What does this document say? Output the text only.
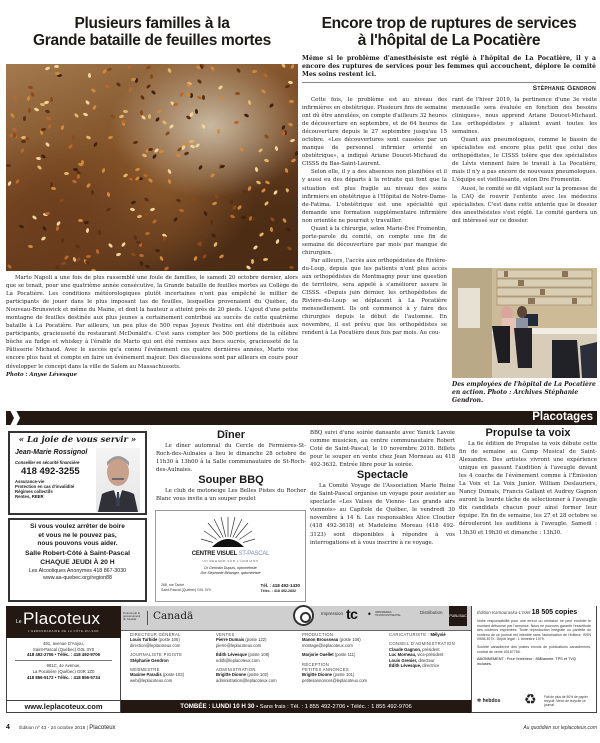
Plusieurs familles à la
Grande bataille de feuilles mortes

Marto Napoli a une fois de plus rassemblé une foule de familles, le samedi 20 octobre dernier, alors que se tenait, pour une quatrième année consécutive, la Grande bataille de feuilles mortes au Collège de La Pocatière. Les conditions météorologiques plutôt incertaines n'ont pas empêché le millier de participants de jouer dans le plus imposant tas de feuilles, lesquelles provenaient du Québec, du Nouveau-Brunswick et même du Maine, et dont la hauteur a atteint près de 20 pieds. L'ajout d'une petite montagne de feuilles destinée aux plus jeunes a certainement contribué au succès de cette quatrième bataille à La Pocatière. Par ailleurs, un peu plus de 500 repas Joyeux Festins ont été distribués aux participants, gracieuseté du restaurant McDonald's. C'est sans compter les 500 portions de la célèbre bûche au fudge et whiskey à l'érable de Marto qui ont été remises aux becs sucrés, gracieuseté de la Pâtisserie Michaud. Avec le succès qu'a connu l'événement ces quatre dernières années, Marto vise encore plus haut et compte en faire un événement majeur. Des discussions sont par ailleurs en cours pour développer le concept dans la ville de Salem au Massachussets.

Photo : Anyse Lévesque
Encore trop de ruptures de services
à l'hôpital de La Pocatière
Même si le problème d'anesthésiste est réglé à l'hôpital de La Pocatière, il y a encore des ruptures de services pour les femmes qui accouchent, déplore le comité Mes soins restent ici.
Stéphanie Gendron

Cette fois, le problème est au niveau des infirmières en obstétrique. Plusieurs fins de semaine ont dû être annulées, on compte d'ailleurs 32 heures de découverture en septembre, et de 64 heures de découverture depuis le 27 septembre jusqu'au 15 octobre. «Les découvertures sont causées par un manque de personnel infirmier orienté en obstétrique», a indiqué Ariane Doucet-Michaud du CISSS du Bas-Saint-Laurent.

Selon elle, il y a des absences non planifiées et il y aussi eu des départs à la retraite qui font que la situation est plus fragile au niveau des soins infirmiers en obstétrique à l'Hôpital de Notre-Dame-de-Fatima. L'obstétrique est une spécialité qui demande une formation supplémentaire infirmière non orientée ne pourrait y travailler.

Quant à la chirurgie, selon Marie-Ève Fromentin, porte-parole du comité, on compte une fin de semaine de découverture par mois par manque de chirurgien.

Par ailleurs, l'accès aux orthopédistes de Rivière-du-Loup, depuis que les patients n'ont plus accès aux orthopédistes de Montmagny pour une question de territoire, sera appelé à s'améliorer assure le CISSS. «Depuis juin dernier, les orthopédistes de Rivière-du-Loup se déplacent à La Pocatière mensuellement. Ils ont commencé à y faire des chirurgies depuis le début de l'automne. En novembre, il est prévu que les orthopédistes se rendent à La Pocatière deux fois par mois. Au cou-

rant de l'hiver 2019, la pertinence d'une 3e visite mensuelle sera évaluée en fonction des besoins cliniques», nous apprend Ariane Doucet-Michaud. Les orthopédistes y allaient avant toutes les semaines.

Quant aux pneumologues, comme le bassin de spécialistes est encore plus petit que celui des orthopédistes, le CISSS tolère que des spécialistes de Lévis viennent faire le travail à La Pocatière, mais il n'y a pas encore de nouveaux pneumologues. L'équipe est vieillissante, selon Dre Fromentin.

Aussi, le comité se dit vigilant sur la promesse de la CAQ de rouvrir l'entente avec les médecins spécialistes. C'est dans cette entente que le dossier des anesthésistes s'est réglé. Le comité gardera un œil intéressé sur ce dossier.

Des employées de l'hôpital de La Pocatière en action. Photo : Archives Stéphanie Gendron.
Placotages
« La joie de vous servir »
Jean-Marie Rossignol
Conseiller en sécurité financière
418 492-3255
Assurance-vie
Protection en cas d'invalidité
Régimes collectifs
Rentes, REER
Si vous voulez arrêter de boire
et vous ne le pouvez pas,
nous pouvons vous aider.
Salle Robert-Côté à Saint-Pascal
CHAQUE JEUDI À 20 H
Les Alcooliques Anonymes 418 867-3030
www.aa-quebec.org/region88
Dîner

Le dîner automnal du Cercle de Fermières-St-Roch-des-Aulnaies a lieu le dimanche 28 octobre de 11h30 à 13h00 à la Salle communautaire de St-Roch-des-Aulnaies.

Souper BBQ

Le club de motoneige Les Belles Pistes du Rocher Blanc vous invite a un souper poulet

CENTRE VISUEL ST-PASCAL
UN REGARD SUR L'HORIZON
Dr Germain Dupuis, optométriste
Dre Stéphanie Bélanger, optométriste
268, rue Taché
Saint-Pascal (Québec) G0L 3Y0
Tél. : 418 492-1430
Téléc. : 418 492-2832

BBQ suivi d'une soirée dansante avec Yanick Lavoie comme musicien, au centre communautaire Robert Coté de Saint-Pascal, le 10 novembre 2018. Billets pour le souper en vente chez Jean Morneau au 418 492-3632. Entrée libre pour la soirée.

Spectacle

La Comité Voyage de l'Association Marie Reine de Saint-Pascal organise un voyage pour assister au spectacle «Les Valses de Vienne- Les grands airs viennois» au Capitole de Québec, le vendredi 30 novembre à 14 h. Les responsables Alice Cloutier (418 492-3618) et Madeleine Moreau (418 492-3123) sont disponibles à répondre à vos interrogations et à vous inscrire à ce voyage.

Propulse ta voix

La 6e édition de Propulse ta voix débute cette fin de semaine au Camp Musical de Saint-Alexandre. Des artistes vivront une expérience unique en passant l'audition à l'aveugle devant les 4 coachs de l'évènement comme à l'Émission La Voix et La Voix Junior. William Deslauriers, Nancy Dumais, Francis Gallant et Audrey Gagnon auront la lourde tâche de sélectionner à l'aveugle dix candidats chacun pour ainsi former leur équipe. En fin de semaine, les 27 et 28 octobre se dérouleront les auditions à l'aveugle. Samedi : 13h30 et 19h30 et dimanche : 13h30.

Le Placoteux
L'HEBDOMADAIRE DE LA CÔTE-DU-SUD
491, avenue D'Anjou,
Saint-Pascal (Québec) G0L 3Y0
418 492-2706 • Téléc. : 418 492-9706
901C, 4e Avenue,
La Pocatière (Québec) G0R 1Z0
418 856-5172 • Téléc. : 418 856-5734
www.leplacoteux.com
Financé par le gouvernement du Canada	Canadä	Impression tc • IMPRIMERIES TRANSCONTINENTAL
Distribution
PUBLISAC
DIRECTEUR GÉNÉRAL
Louis Turbide (poste 105)
direction@leplacoteux.com
JOURNALISTE PIGISTE
Stéphanie Gendron
WEBMESTRE
Maxime Paradis (poste 103)
web@leplacoteux.com
VENTES
Pierre Dumais (poste 122)
pierre@leplacoteux.com
Édith Lévesque (poste 108)
edith@leplacoteux.com
ADMINISTRATION
Brigitte Dionne (poste 102)
administration@leplacoteux.com
PRODUCTION
Manon Brousseau (poste 106)
montage@leplacoteux.com
Marjorie Ouellet (poste 111)
RÉCEPTION
PETITES ANNONCES
Brigitte Dionne (poste 101)
petitesannonces@leplacoteux.com
CARICATURISTE : Mélyvié
CONSEIL D'ADMINISTRATION
Claude Gagnon, président
Luc Morneau, vice-président
Louis Grenier, directeur
Édith Lévesque, directrice
TOMBÉE : LUNDI 10 H 30 • Sans frais : Tél. : 1 855 492-2706 • Téléc. : 1 855 492-9706
Édition Kamouraska-L'Islet 18 505 copies
Notre responsabilité pour une erreur ou omission ne peut excéder le montant déboursé par l'annonce. Nous ne pouvons garantir l'exactitude des couleurs imprimées. Toute reproduction intégrale ou partielle du contenu de ce journal est interdite sans l'autorisation de l'éditeur. ISSN 0908-307X. Dépôt légal : 1 trimestre 1979.
Société canadienne des postes envois de publications canadiennes, contrat de vente #0187755.
ABONNEMENT : Pour l'extérieur : 85$/année. TPS et TVQ incluses.
✲ hebdos ♻ Fait de plus de 50% de papier recyclé. Merci de recycler ce journal.
4 Édition nº 43 - 24 octobre 2018 | Placoteux	Au quotidien sur leplacoteux.com
